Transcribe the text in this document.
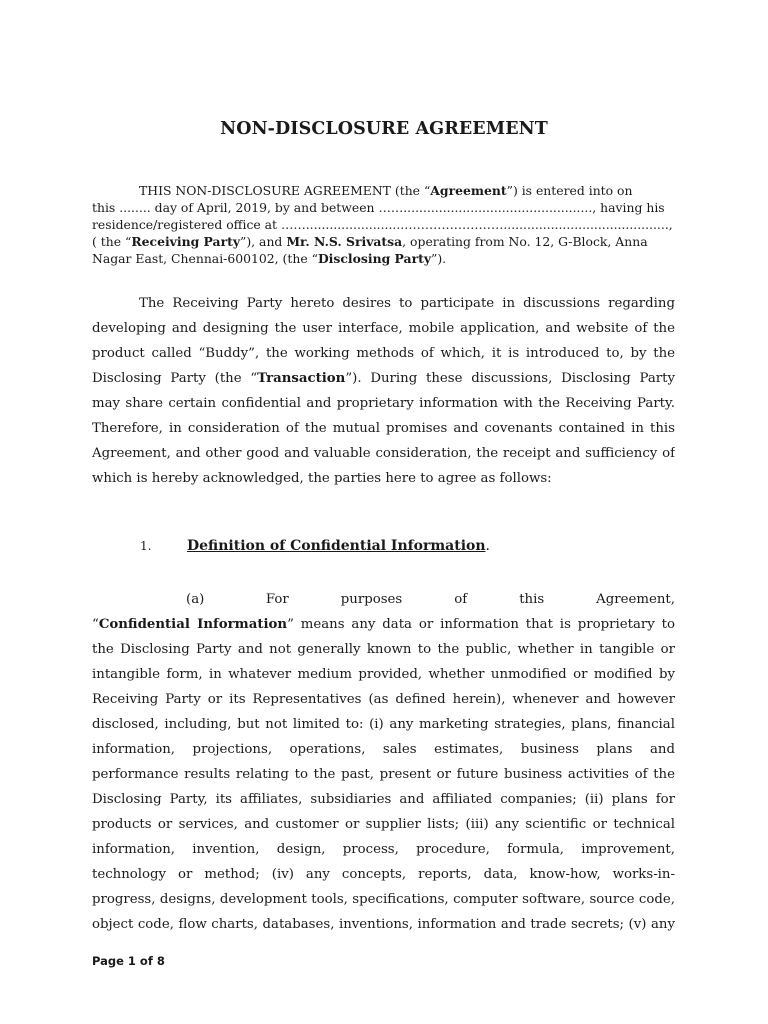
NON-DISCLOSURE AGREEMENT
THIS NON-DISCLOSURE AGREEMENT (the “Agreement”) is entered into on
this ........ day of April, 2019, by and between ……................................................, having his
residence/registered office at …….........................……………………..........................................,
( the “Receiving Party”), and Mr. N.S. Srivatsa, operating from No. 12, G-Block, Anna
Nagar East, Chennai-600102, (the “Disclosing Party”).
The Receiving Party hereto desires to participate in discussions regarding
developing and designing the user interface, mobile application, and website of the
product called “Buddy”, the working methods of which, it is introduced to, by the
Disclosing Party (the “Transaction”). During these discussions, Disclosing Party
may share certain confidential and proprietary information with the Receiving Party.
Therefore, in consideration of the mutual promises and covenants contained in this
Agreement, and other good and valuable consideration, the receipt and sufficiency of
which is hereby acknowledged, the parties here to agree as follows:
1.	Definition of Confidential Information.
(a)	For	purposes	of	this	Agreement,
“Confidential Information” means any data or information that is proprietary to
the Disclosing Party and not generally known to the public, whether in tangible or
intangible form, in whatever medium provided, whether unmodified or modified by
Receiving Party or its Representatives (as defined herein), whenever and however
disclosed, including, but not limited to: (i) any marketing strategies, plans, financial
information, projections, operations, sales estimates, business plans and
performance results relating to the past, present or future business activities of the
Disclosing Party, its affiliates, subsidiaries and affiliated companies; (ii) plans for
products or services, and customer or supplier lists; (iii) any scientific or technical
information, invention, design, process, procedure, formula, improvement,
technology or method; (iv) any concepts, reports, data, know-how, works-in-
progress, designs, development tools, specifications, computer software, source code,
object code, flow charts, databases, inventions, information and trade secrets; (v) any
Page 1 of 8
